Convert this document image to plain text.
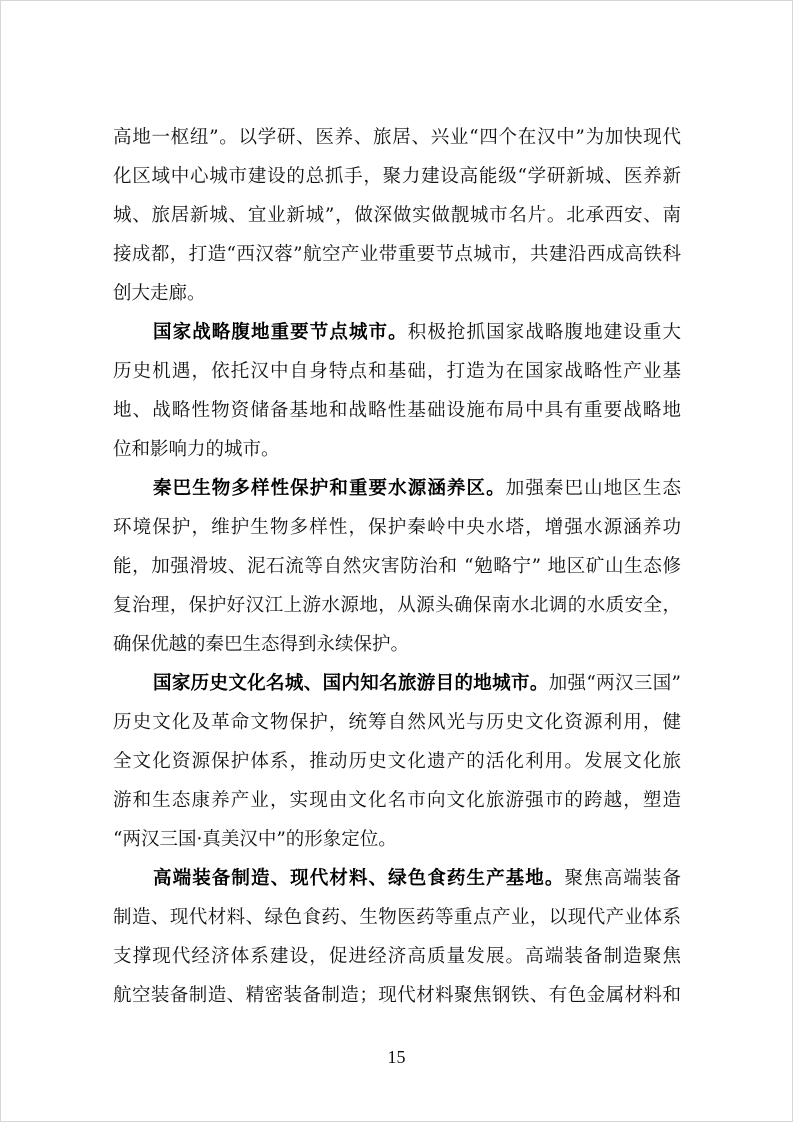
高地一枢纽”。以学研、医养、旅居、兴业“四个在汉中”为加快现代
化区域中心城市建设的总抓手，聚力建设高能级“学研新城、医养新
城、旅居新城、宜业新城”，做深做实做靓城市名片。北承西安、南
接成都，打造“西汉蓉”航空产业带重要节点城市，共建沿西成高铁科
创大走廊。
国家战略腹地重要节点城市。积极抢抓国家战略腹地建设重大
历史机遇，依托汉中自身特点和基础，打造为在国家战略性产业基
地、战略性物资储备基地和战略性基础设施布局中具有重要战略地
位和影响力的城市。
秦巴生物多样性保护和重要水源涵养区。加强秦巴山地区生态
环境保护，维护生物多样性，保护秦岭中央水塔，增强水源涵养功
能，加强滑坡、泥石流等自然灾害防治和 “勉略宁” 地区矿山生态修
复治理，保护好汉江上游水源地，从源头确保南水北调的水质安全，
确保优越的秦巴生态得到永续保护。
国家历史文化名城、国内知名旅游目的地城市。加强“两汉三国”
历史文化及革命文物保护，统筹自然风光与历史文化资源利用，健
全文化资源保护体系，推动历史文化遗产的活化利用。发展文化旅
游和生态康养产业，实现由文化名市向文化旅游强市的跨越，塑造
“两汉三国·真美汉中”的形象定位。
高端装备制造、现代材料、绿色食药生产基地。聚焦高端装备
制造、现代材料、绿色食药、生物医药等重点产业，以现代产业体系
支撑现代经济体系建设，促进经济高质量发展。高端装备制造聚焦
航空装备制造、精密装备制造；现代材料聚焦钢铁、有色金属材料和
15
